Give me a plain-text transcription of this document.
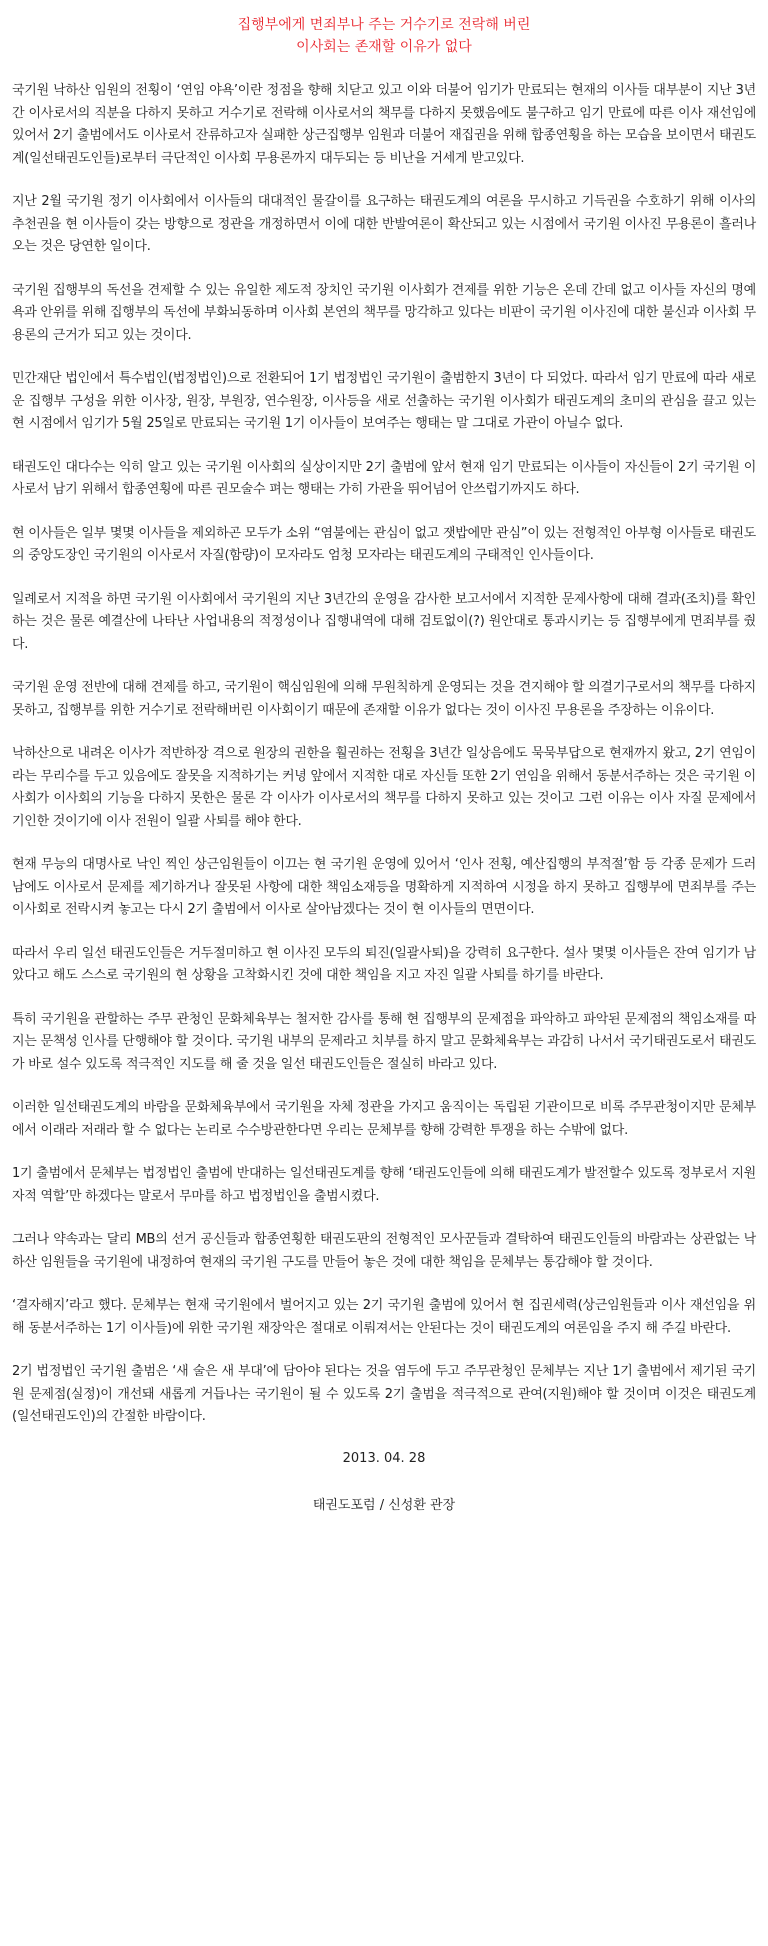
집행부에게 면죄부나 주는 거수기로 전락해 버린
이사회는 존재할 이유가 없다

국기원 낙하산 임원의 전횡이 ‘연임 야욕’이란 정점을 향해 치닫고 있고 이와 더불어 임기가 만료되는 현재의 이사들 대부분이 지난 3년간 이사로서의 직분을 다하지 못하고 거수기로 전락해 이사로서의 책무를 다하지 못했음에도 불구하고 임기 만료에 따른 이사 재선임에 있어서 2기 출범에서도 이사로서 잔류하고자 실패한 상근집행부 임원과 더불어 재집권을 위해 합종연횡을 하는 모습을 보이면서 태권도계(일선태권도인들)로부터 극단적인 이사회 무용론까지 대두되는 등 비난을 거세게 받고있다.

지난 2월 국기원 정기 이사회에서 이사들의 대대적인 물갈이를 요구하는 태권도계의 여론을 무시하고 기득권을 수호하기 위해 이사의 추천권을 현 이사들이 갖는 방향으로 정관을 개정하면서 이에 대한 반발여론이 확산되고 있는 시점에서 국기원 이사진 무용론이 흘러나오는 것은 당연한 일이다.

국기원 집행부의 독선을 견제할 수 있는 유일한 제도적 장치인 국기원 이사회가 견제를 위한 기능은 온데 간데 없고 이사들 자신의 명예욕과 안위를 위해 집행부의 독선에 부화뇌동하며 이사회 본연의 책무를 망각하고 있다는 비판이 국기원 이사진에 대한 불신과 이사회 무용론의 근거가 되고 있는 것이다.

민간재단 법인에서 특수법인(법정법인)으로 전환되어 1기 법정법인 국기원이 출범한지 3년이 다 되었다. 따라서 임기 만료에 따라 새로운 집행부 구성을 위한 이사장, 원장, 부원장, 연수원장, 이사등을 새로 선출하는 국기원 이사회가 태권도계의 초미의 관심을 끌고 있는 현 시점에서 임기가 5월 25일로 만료되는 국기원 1기 이사들이 보여주는 행태는 말 그대로 가관이 아닐수 없다.

태권도인 대다수는 익히 알고 있는 국기원 이사회의 실상이지만 2기 출범에 앞서 현재 임기 만료되는 이사들이 자신들이 2기 국기원 이사로서 남기 위해서 합종연횡에 따른 권모술수 펴는 행태는 가히 가관을 뛰어넘어 안쓰럽기까지도 하다.

현 이사들은 일부 몇몇 이사들을 제외하곤 모두가 소위 “염불에는 관심이 없고 잿밥에만 관심”이 있는 전형적인 아부형 이사들로 태권도의 중앙도장인 국기원의 이사로서 자질(함량)이 모자라도 엄청 모자라는 태권도계의 구태적인 인사들이다.

일례로서 지적을 하면 국기원 이사회에서 국기원의 지난 3년간의 운영을 감사한 보고서에서 지적한 문제사항에 대해 결과(조치)를 확인하는 것은 물론 예결산에 나타난 사업내용의 적정성이나 집행내역에 대해 검토없이(?) 원안대로 통과시키는 등 집행부에게 면죄부를 줬다.

국기원 운영 전반에 대해 견제를 하고, 국기원이 핵심임원에 의해 무원칙하게 운영되는 것을 견지해야 할 의결기구로서의 책무를 다하지 못하고, 집행부를 위한 거수기로 전락해버린 이사회이기 때문에 존재할 이유가 없다는 것이 이사진 무용론을 주장하는 이유이다.

낙하산으로 내려온 이사가 적반하장 격으로 원장의 권한을 훨권하는 전횡을 3년간 일상음에도 묵묵부답으로 현재까지 왔고, 2기 연임이라는 무리수를 두고 있음에도 잘못을 지적하기는 커녕 앞에서 지적한 대로 자신들 또한 2기 연임을 위해서 동분서주하는 것은 국기원 이사회가 이사회의 기능을 다하지 못한은 물론 각 이사가 이사로서의 책무를 다하지 못하고 있는 것이고 그런 이유는 이사 자질 문제에서 기인한 것이기에 이사 전원이 일괄 사퇴를 해야 한다.

현재 무능의 대명사로 낙인 찍인 상근임원들이 이끄는 현 국기원 운영에 있어서 ‘인사 전횡, 예산집행의 부적절’함 등 각종 문제가 드러남에도 이사로서 문제를 제기하거나 잘못된 사항에 대한 책임소재등을 명확하게 지적하여 시정을 하지 못하고 집행부에 면죄부를 주는 이사회로 전락시켜 놓고는 다시 2기 출범에서 이사로 살아남겠다는 것이 현 이사들의 면면이다.

따라서 우리 일선 태권도인들은 거두절미하고 현 이사진 모두의 퇴진(일괄사퇴)을 강력히 요구한다. 설사 몇몇 이사들은 잔여 임기가 남았다고 해도 스스로 국기원의 현 상황을 고착화시킨 것에 대한 책임을 지고 자진 일괄 사퇴를 하기를 바란다.

특히 국기원을 관할하는 주무 관청인 문화체육부는 철저한 감사를 통해 현 집행부의 문제점을 파악하고 파악된 문제점의 책임소재를 따지는 문책성 인사를 단행해야 할 것이다. 국기원 내부의 문제라고 치부를 하지 말고 문화체육부는 과감히 나서서 국기태권도로서 태권도가 바로 설수 있도록 적극적인 지도를 해 줄 것을 일선 태권도인들은 절실히 바라고 있다.

이러한 일선태권도계의 바람을 문화체육부에서 국기원을 자체 정관을 가지고 움직이는 독립된 기관이므로 비록 주무관청이지만 문체부에서 이래라 저래라 할 수 없다는 논리로 수수방관한다면 우리는 문체부를 향해 강력한 투쟁을 하는 수밖에 없다.

1기 출범에서 문체부는 법정법인 출범에 반대하는 일선태권도계를 향해 ‘태권도인들에 의해 태권도계가 발전할수 있도록 정부로서 지원자적 역할’만 하겠다는 말로서 무마를 하고 법정법인을 출범시켰다.

그러나 약속과는 달리 MB의 선거 공신들과 합종연횡한 태권도판의 전형적인 모사꾼들과 결탁하여 태권도인들의 바람과는 상관없는 낙하산 임원들을 국기원에 내정하여 현재의 국기원 구도를 만들어 놓은 것에 대한 책임을 문체부는 통감해야 할 것이다.

‘결자해지’라고 했다. 문체부는 현재 국기원에서 벌어지고 있는 2기 국기원 출범에 있어서 현 집권세력(상근임원들과 이사 재선임을 위해 동분서주하는 1기 이사들)에 위한 국기원 재장악은 절대로 이뤄져서는 안된다는 것이 태권도계의 여론임을 주지 해 주길 바란다.

2기 법정법인 국기원 출범은 ‘새 술은 새 부대’에 담아야 된다는 것을 염두에 두고 주무관청인 문체부는 지난 1기 출범에서 제기된 국기원 문제점(실정)이 개선돼 새롭게 거듭나는 국기원이 될 수 있도록 2기 출범을 적극적으로 관여(지원)해야 할 것이며 이것은 태권도계(일선태권도인)의 간절한 바람이다.

2013. 04. 28
태권도포럼 / 신성환 관장
